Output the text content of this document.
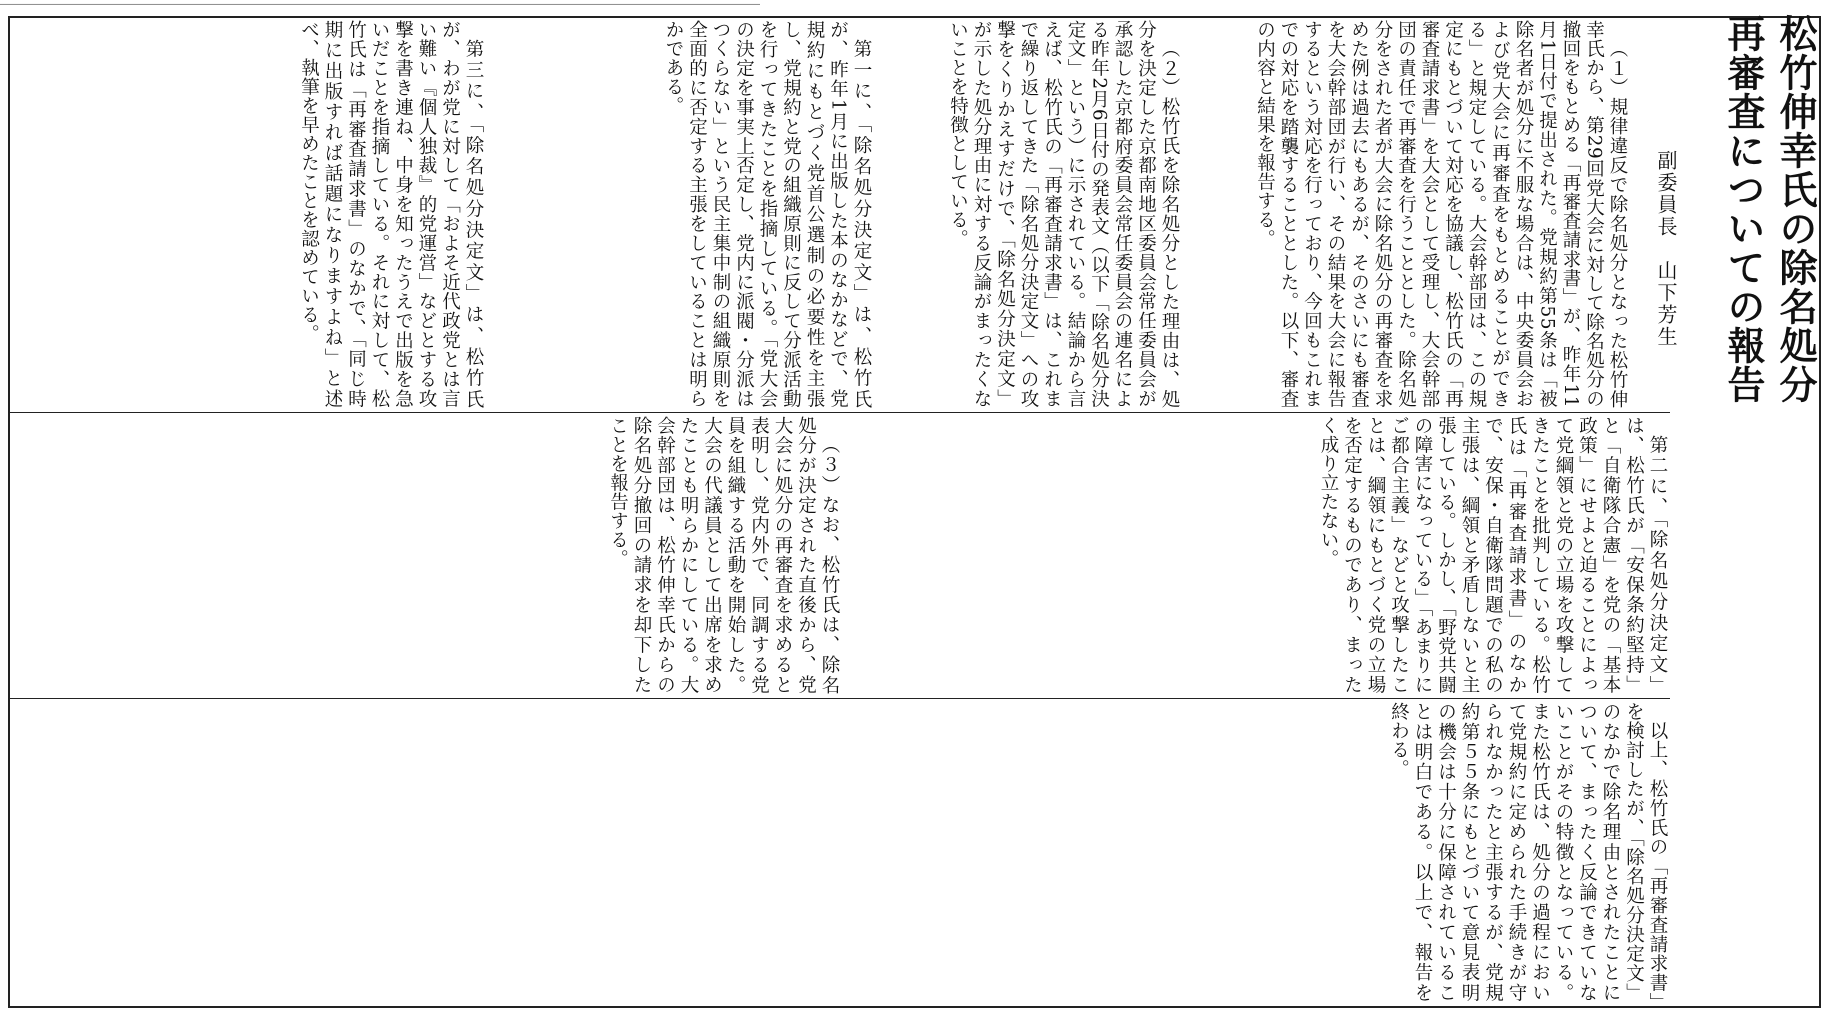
――――――――――――――――――――――――――――――――――――――――――――――――――――――――――――――――――――――――――――
松竹伸幸氏の除名処分
再審査についての報告
副委員長　山下芳生

（１）規律違反で除名処分となった松竹伸幸氏から、第29回党大会に対して除名処分の撤回をもとめる「再審査請求書」が、昨年11月1日付で提出された。党規約第55条は「被除名者が処分に不服な場合は、中央委員会および党大会に再審査をもとめることができる」と規定している。大会幹部団は、この規定にもとづいて対応を協議し、松竹氏の「再審査請求書」を大会として受理し、大会幹部団の責任で再審査を行うこととした。除名処分をされた者が大会に除名処分の再審査を求めた例は過去にもあるが、そのさいにも審査を大会幹部団が行い、その結果を大会に報告するという対応を行っており、今回もこれまでの対応を踏襲することとした。以下、審査の内容と結果を報告する。

（２）松竹氏を除名処分とした理由は、処分を決定した京都南地区委員会常任委員会が承認した京都府委員会常任委員会の連名による昨年2月6日付の発表文（以下「除名処分決定文」という）に示されている。結論から言えば、松竹氏の「再審査請求書」は、これまで繰り返してきた「除名処分決定文」への攻撃をくりかえすだけで、「除名処分決定文」が示した処分理由に対する反論がまったくないことを特徴としている。

第一に、「除名処分決定文」は、松竹氏が、昨年1月に出版した本のなかなどで、党規約にもとづく党首公選制の必要性を主張し、党規約と党の組織原則に反して分派活動を行ってきたことを指摘している。「党大会の決定を事実上否定し、党内に派閥・分派はつくらない」という民主集中制の組織原則を全面的に否定する主張をしていることは明らかである。

第三に、「除名処分決定文」は、松竹氏が、わが党に対して「およそ近代政党とは言い難い『個人独裁』的党運営」などとする攻撃を書き連ね、中身を知ったうえで出版を急いだことを指摘している。それに対して、松竹氏は「再審査請求書」のなかで、「同じ時期に出版すれば話題になりますよね」と述べ、執筆を早めたことを認めている。

第二に、「除名処分決定文」は、松竹氏が「安保条約堅持」と「自衛隊合憲」を党の「基本政策」にせよと迫ることによって党綱領と党の立場を攻撃してきたことを批判している。松竹氏は「再審査請求書」のなかで、安保・自衛隊問題での私の主張は、綱領と矛盾しないと主張している。しかし、「野党共闘の障害になっている」「あまりにご都合主義」などと攻撃したことは、綱領にもとづく党の立場を否定するものであり、まったく成り立たない。

（３）なお、松竹氏は、除名処分が決定された直後から、党大会に処分の再審査を求めると表明し、党内外で、同調する党員を組織する活動を開始した。大会の代議員として出席を求めたことも明らかにしている。大会幹部団は、松竹伸幸氏からの除名処分撤回の請求を却下したことを報告する。

以上、松竹氏の「再審査請求書」を検討したが、「除名処分決定文」のなかで除名理由とされたことについて、まったく反論できていないことがその特徴となっている。また松竹氏は、処分の過程において党規約に定められた手続きが守られなかったと主張するが、党規約第５５条にもとづいて意見表明の機会は十分に保障されていることは明白である。以上で、報告を終わる。
